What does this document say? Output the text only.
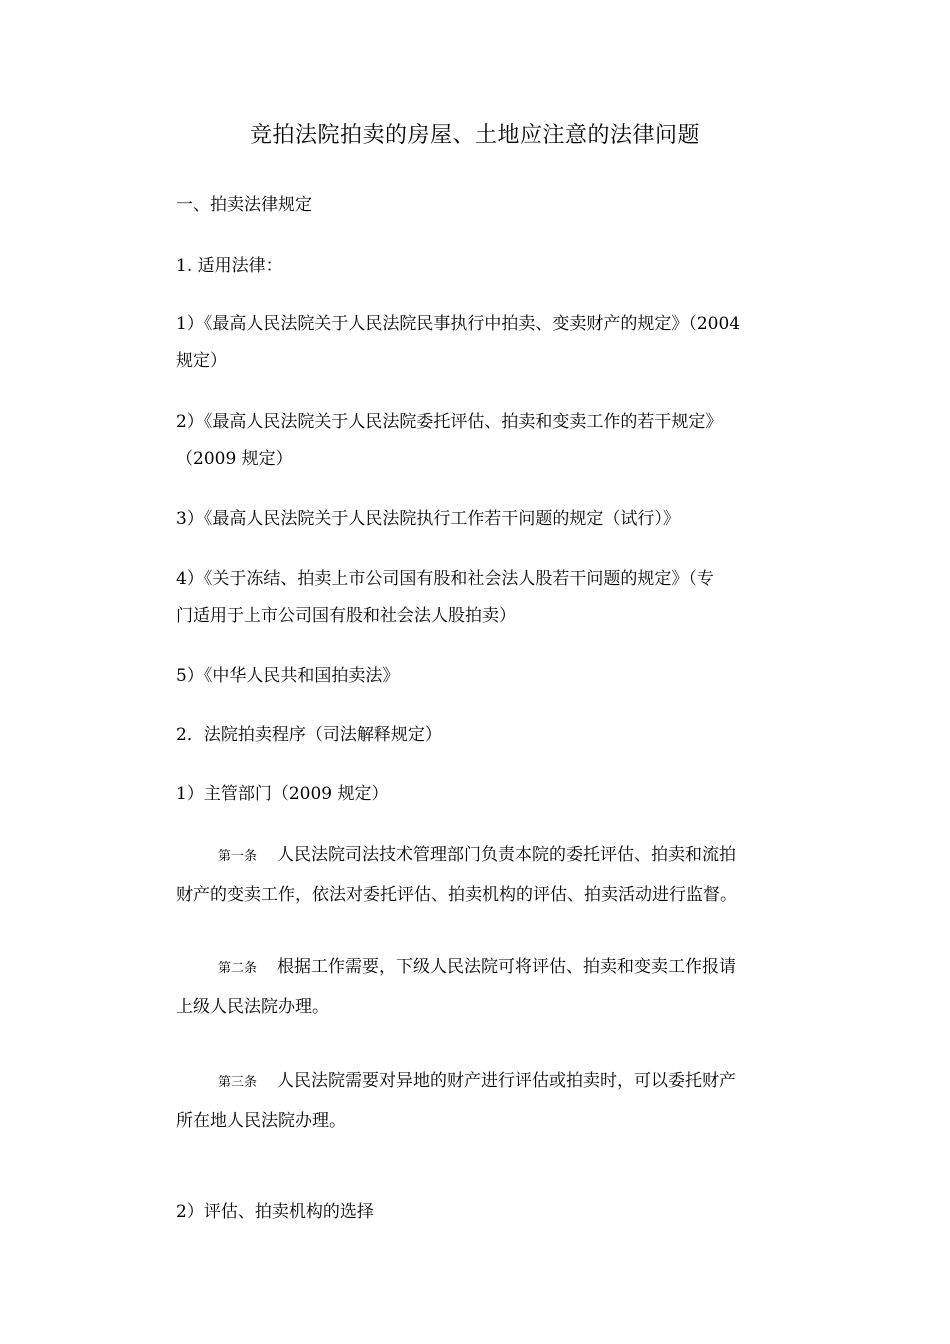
竞拍法院拍卖的房屋、土地应注意的法律问题
一、拍卖法律规定
1. 适用法律：
1）《最高人民法院关于人民法院民事执行中拍卖、变卖财产的规定》（2004
规定）
2）《最高人民法院关于人民法院委托评估、拍卖和变卖工作的若干规定》
（2009 规定）
3）《最高人民法院关于人民法院执行工作若干问题的规定（试行）》
4）《关于冻结、拍卖上市公司国有股和社会法人股若干问题的规定》（专
门适用于上市公司国有股和社会法人股拍卖）
5）《中华人民共和国拍卖法》
2．法院拍卖程序（司法解释规定）
1）主管部门（2009 规定）
第一条 人民法院司法技术管理部门负责本院的委托评估、拍卖和流拍
财产的变卖工作，依法对委托评估、拍卖机构的评估、拍卖活动进行监督。
第二条 根据工作需要，下级人民法院可将评估、拍卖和变卖工作报请
上级人民法院办理。
第三条 人民法院需要对异地的财产进行评估或拍卖时，可以委托财产
所在地人民法院办理。
2）评估、拍卖机构的选择
